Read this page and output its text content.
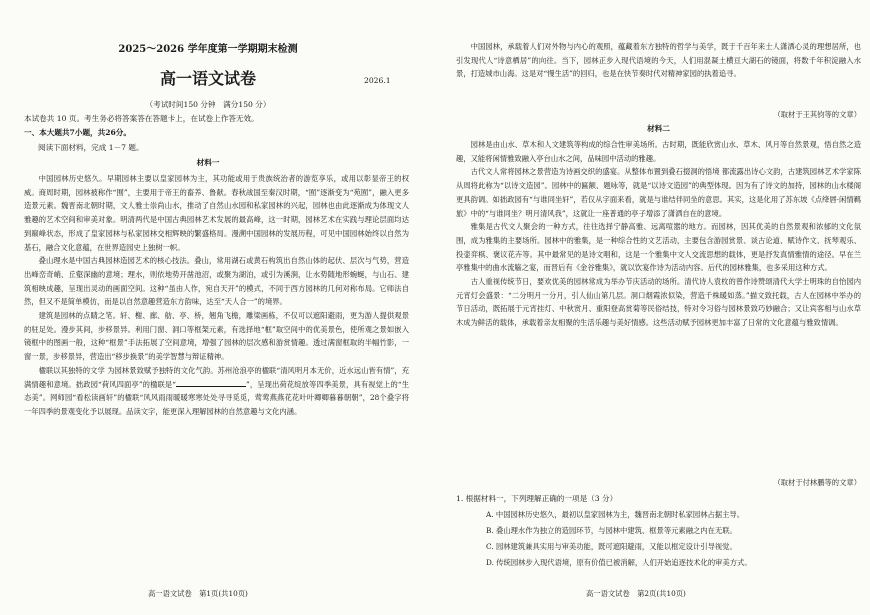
2025～2026 学年度第一学期期末检测
高一语文试卷	2026.1
（考试时间150 分钟　满分150 分）
本试卷共 10 页。考生务必将答案答在答题卡上，在试卷上作答无效。
一、本大题共7小题，共26分。
阅读下面材料，完成 1－7 题。
材料一

中国园林历史悠久。早期园林主要以皇家园林为主，其功能或用于贵族统治者的游览享乐，或用以彰显帝王的权威。商周时期，园林被称作“囿”，主要用于帝王的畜养、鲁献。春秋战国至秦汉时期，“囿”逐渐变为“苑囿”，融入更多造景元素。魏晋南北朝时期，文人雅士崇尚山水，推动了自然山水园和私家园林的兴起，园林也由此逐渐成为体现文人雅趣的艺术空间和审美对象。明清两代是中国古典园林艺术发展的最高峰，这一时期，园林艺术在实践与理论层面均达到巅峰状态，形成了皇家园林与私家园林交相辉映的繁盛格局。漫溯中国园林的发展历程，可见中国园林始终以自然为基石，融合文化意蕴，在世界造园史上独树一帜。

叠山理水是中国古典园林造园艺术的核心技法。叠山，常用湖石或黄石构筑出自然山体的起伏、层次与气势，营造出峰峦奇峭、丘壑深幽的意境；理水，则依地势开凿池沼，或聚为湖泊，或引为溪涧，让水势随地形蜿蜒，与山石、建筑相映成趣，呈现出灵动的画面空间。这种“虽由人作，宛自天开”的模式，不同于西方园林的几何对称布局。它师法自然，但又不是简单模仿，而是以自然意趣营造东方韵味，达至“天人合一”的境界。

建筑是园林的点睛之笔。轩、榭、廊、舫、亭、桥，翘角飞檐，雕梁画栋，不仅可以遮阳避雨，更为游人提供观景的驻足处。漫步其间，步移景异。利用门窗、洞口等框架元素，有选择地“框”取空间中的优美景色，使所观之景如嵌入镜框中的图画一般，这种“框景”手法拓展了空间意境，增强了园林的层次感和游赏情趣。透过满窗框取的半幅竹影，一窗一景，步移景异，营造出“移步换景”的美学智慧与辩证精神。

楹联以其独特的文学 为园林景致赋予独特的文化气韵。苏州沧浪亭的楹联“清风明月本无价，近水远山皆有情”，充满情趣和意境。拙政园“荷风四面亭”的楹联是“	”，呈现出荷花绽放等四季美景，具有视觉上的“生态美”。网师园“看松读画轩”的楹联“风风雨雨暖暖寒寒处处寻寻觅觅，莺莺燕燕花花叶叶卿卿暮暮朝朝”，28个叠字将一年四季的景观变化予以展现。品读文字，能更深入理解园林的自然意趣与文化内涵。

高一语文试卷　第1页(共10页)

中国园林，承载着人们对外物与内心的观照，蕴藏着东方独特的哲学与美学，既于千百年来士人潇洒心灵的理想居所，也引发现代人“诗意栖居”的向往。当下，园林正步入现代语境的今天，人们用混凝土横亘大湖石的镜面，将数千年积淀融入水景，打造城市山海。这是对“慢生活”的回归，也是在快节奏时代对精神家园的执着追寻。

（取材于王其钧等的文章）
材料二

园林是由山水、草木和人文建筑等构成的综合性审美场所。古时期，既能欣赏山水、草木、风月等自然景观，悟自然之造趣，又能将闲情雅致融入亭台山水之间，品味园中活动的雅趣。

古代文人常将园林之景营造为诗画交织的盛宴。从整体布置到叠石掇洞的悟境 都流露出诗心文韵，古建筑园林艺术学家陈从周将此称为“以诗文造园”。园林中的匾额、题咏等，就是“以诗文造园”的典型体现。因为有了诗文的加持，园林的山水楼阁更具韵调。如拙政园有“与谁同坐轩”，若仅从字面来看，就是与谁结伴同坐的意思。其实，这是化用了苏东坡《点绛唇·闲情羁旅》中的“与谁同坐？明月清风我”，这就让一座普通的亭子增添了潇洒自在的意境。

雅集是古代文人聚会的一种方式，往往选择宁静高雅、远离喧嚣的地方。而园林，因其优美的自然景观和浓郁的文化氛围，成为雅集的主要场所。园林中的雅集，是一种综合性的文艺活动，主要包含游园赏景、谈古论道、赋诗作文、抚琴观乐、投壶弈棋、褒议花卉等。其中最常见的是诗文唱和，这是一个雅集中文人交流思想的载体，更是抒发真情雅情的途径。早在兰亭雅集中的曲水流觞之宴，而晋后有《金谷雅集》，就以饮宴作诗为活动内容。后代的园林雅集，也多采用这种方式。

古人重视传统节日，要欢优美的园林常成为举办节庆活动的场所。清代诗人袁枚的曾作诗赞颂清代大学士明珠的自怡园内元宵灯会盛景：“二分明月一分月，引人仙山第几层。洞口烟霞浓似染，营造千株暖如蒸。”描文致托载，古人在园林中举办的节日活动，既拓展于元宵挂灯、中秋赏月、重阳登高赏菊等民俗结技，特对令习俗与园林景致巧妙融合；又让宾客相与山水草木成为鲜活的载体，承载着亲友相聚的生活乐趣与美好情感。这些活动赋予园林更加丰富了日常的文化意蕴与雅致情调。

（取材于付林鹏等的文章）
1. 根据材料一，下列理解正确的一项是（3 分）
A. 中国园林历史悠久，最初以皇家园林为主，魏晋南北朝时私家园林占据主导。
B. 叠山理水作为独立的造园环节，与园林中建筑、框景等元素融之内在无联。
C. 园林建筑兼具实用与审美功能，既可遮阳避雨，又能以框定设计引导视觉。
D. 传统园林步入现代语境，原有价值已被消解，人们开始追逐技术化的审美方式。
高一语文试卷　第2页(共10页)
